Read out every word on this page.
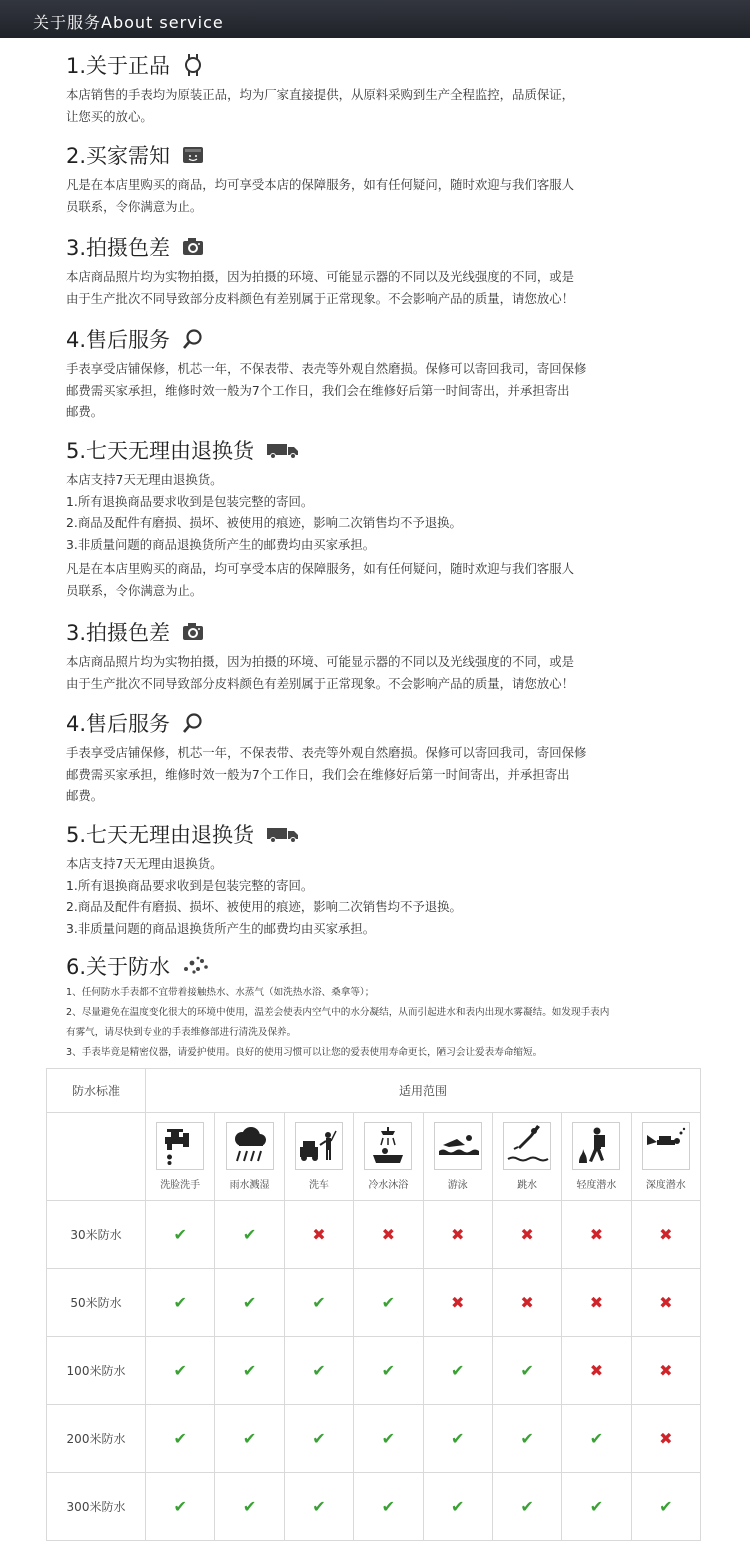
关于服务About service
1.关于正品
本店销售的手表均为原装正品，均为厂家直接提供，从原料采购到生产全程监控，品质保证，
让您买的放心。
2.买家需知
凡是在本店里购买的商品，均可享受本店的保障服务，如有任何疑问，随时欢迎与我们客服人
员联系，令你满意为止。
3.拍摄色差
本店商品照片均为实物拍摄，因为拍摄的环境、可能显示器的不同以及光线强度的不同，或是
由于生产批次不同导致部分皮料颜色有差别属于正常现象。不会影响产品的质量，请您放心！
4.售后服务
手表享受店铺保修，机芯一年，不保表带、表壳等外观自然磨损。保修可以寄回我司，寄回保修
邮费需买家承担，维修时效一般为7个工作日，我们会在维修好后第一时间寄出，并承担寄出
邮费。
5.七天无理由退换货
本店支持7天无理由退换货。
1.所有退换商品要求收到是包装完整的寄回。
2.商品及配件有磨损、损坏、被使用的痕迹，影响二次销售均不予退换。
3.非质量问题的商品退换货所产生的邮费均由买家承担。
凡是在本店里购买的商品，均可享受本店的保障服务，如有任何疑问，随时欢迎与我们客服人
员联系，令你满意为止。
3.拍摄色差
本店商品照片均为实物拍摄，因为拍摄的环境、可能显示器的不同以及光线强度的不同，或是
由于生产批次不同导致部分皮料颜色有差别属于正常现象。不会影响产品的质量，请您放心！
4.售后服务
手表享受店铺保修，机芯一年，不保表带、表壳等外观自然磨损。保修可以寄回我司，寄回保修
邮费需买家承担，维修时效一般为7个工作日，我们会在维修好后第一时间寄出，并承担寄出
邮费。
5.七天无理由退换货
本店支持7天无理由退换货。
1.所有退换商品要求收到是包装完整的寄回。
2.商品及配件有磨损、损坏、被使用的痕迹，影响二次销售均不予退换。
3.非质量问题的商品退换货所产生的邮费均由买家承担。
6.关于防水
1、任何防水手表都不宜带着接触热水、水蒸气（如洗热水浴、桑拿等）；
2、尽量避免在温度变化很大的环境中使用，温差会使表内空气中的水分凝结，从而引起进水和表内出现水雾凝结。如发现手表内
有雾气，请尽快到专业的手表维修部进行清洗及保养。
3、手表毕竟是精密仪器，请爱护使用。良好的使用习惯可以让您的爱表使用寿命更长，陋习会让爱表寿命缩短。
防水标准	适用范围							

	洗脸洗手	雨水溅湿	洗车	冷水沐浴	游泳	跳水	轻度潜水	深度潜水

30米防水	✔	✔	✖	✖	✖	✖	✖	✖
50米防水	✔	✔	✔	✔	✖	✖	✖	✖
100米防水	✔	✔	✔	✔	✔	✔	✖	✖
200米防水	✔	✔	✔	✔	✔	✔	✔	✖
300米防水	✔	✔	✔	✔	✔	✔	✔	✔
